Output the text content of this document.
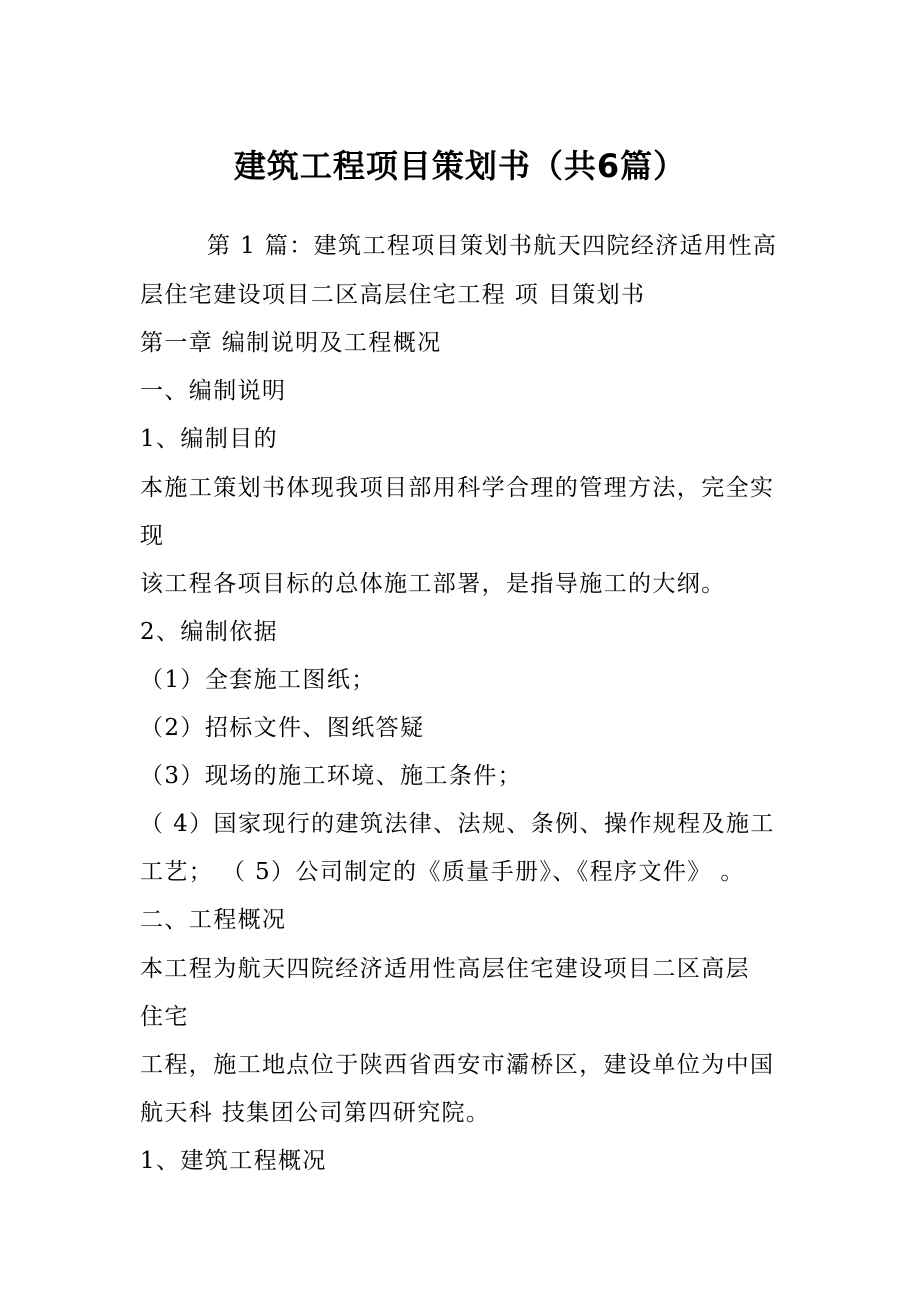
建筑工程项目策划书（共6篇）
第 1 篇：建筑工程项目策划书航天四院经济适用性高
层住宅建设项目二区高层住宅工程 项 目策划书
第一章 编制说明及工程概况
一、编制说明
1、编制目的
本施工策划书体现我项目部用科学合理的管理方法，完全实
现
该工程各项目标的总体施工部署，是指导施工的大纲。
2、编制依据
（1）全套施工图纸；
（2）招标文件、图纸答疑
（3）现场的施工环境、施工条件；
（ 4）国家现行的建筑法律、法规、条例、操作规程及施工
工艺； （ 5）公司制定的《质量手册》、《程序文件》 。
二、工程概况
本工程为航天四院经济适用性高层住宅建设项目二区高层
住宅
工程，施工地点位于陕西省西安市灞桥区，建设单位为中国
航天科 技集团公司第四研究院。
1、建筑工程概况
